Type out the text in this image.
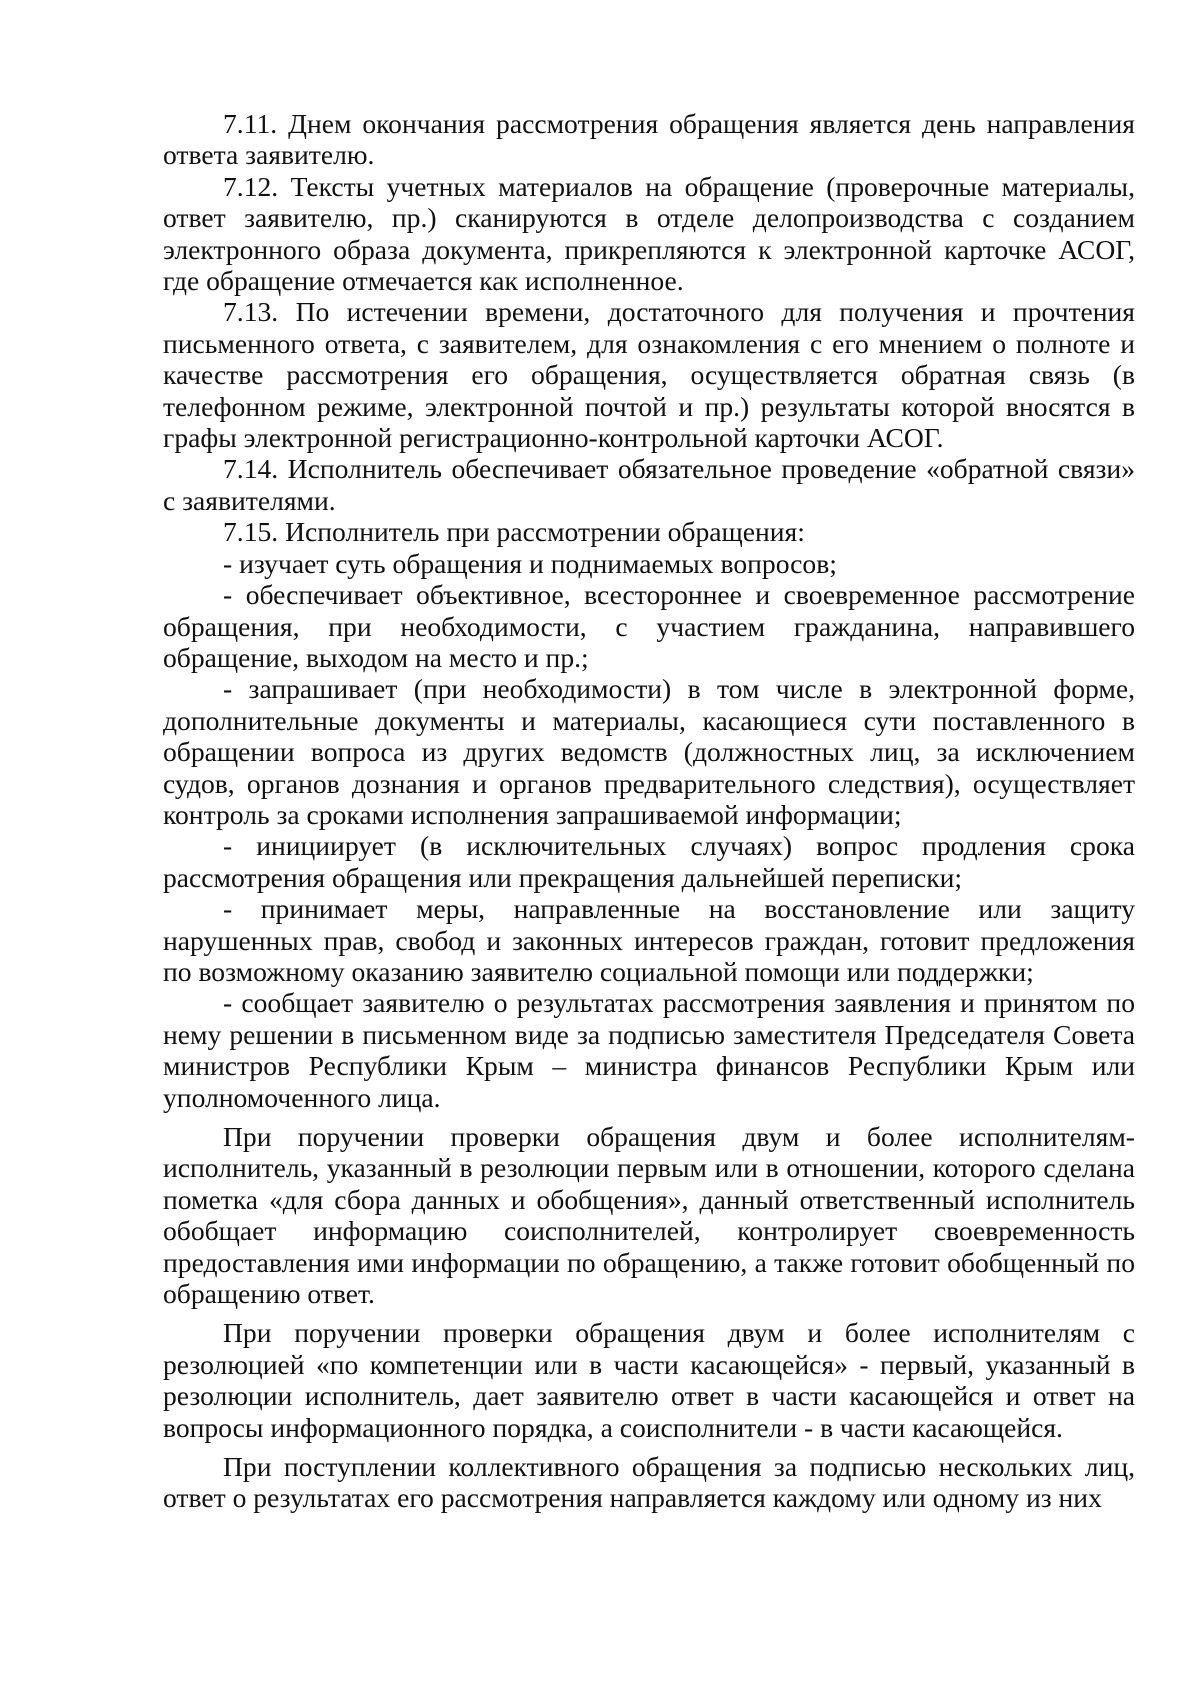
7.11. Днем окончания рассмотрения обращения является день направления ответа заявителю.

7.12. Тексты учетных материалов на обращение (проверочные материалы, ответ заявителю, пр.) сканируются в отделе делопроизводства с созданием электронного образа документа, прикрепляются к электронной карточке АСОГ, где обращение отмечается как исполненное.

7.13. По истечении времени, достаточного для получения и прочтения письменного ответа, с заявителем, для ознакомления с его мнением о полноте и качестве рассмотрения его обращения, осуществляется обратная связь (в телефонном режиме, электронной почтой и пр.) результаты которой вносятся в графы электронной регистрационно-контрольной карточки АСОГ.

7.14. Исполнитель обеспечивает обязательное проведение «обратной связи» с заявителями.

7.15. Исполнитель при рассмотрении обращения:

- изучает суть обращения и поднимаемых вопросов;

- обеспечивает объективное, всестороннее и своевременное рассмотрение обращения, при необходимости, с участием гражданина, направившего обращение, выходом на место и пр.;

- запрашивает (при необходимости) в том числе в электронной форме, дополнительные документы и материалы, касающиеся сути поставленного в обращении вопроса из других ведомств (должностных лиц, за исключением судов, органов дознания и органов предварительного следствия), осуществляет контроль за сроками исполнения запрашиваемой информации;

- инициирует (в исключительных случаях) вопрос продления срока рассмотрения обращения или прекращения дальнейшей переписки;

- принимает меры, направленные на восстановление или защиту нарушенных прав, свобод и законных интересов граждан, готовит предложения по возможному оказанию заявителю социальной помощи или поддержки;

- сообщает заявителю о результатах рассмотрения заявления и принятом по нему решении в письменном виде за подписью заместителя Председателя Совета министров Республики Крым – министра финансов Республики Крым или уполномоченного лица.

При поручении проверки обращения двум и более исполнителям-исполнитель, указанный в резолюции первым или в отношении, которого сделана пометка «для сбора данных и обобщения», данный ответственный исполнитель обобщает информацию соисполнителей, контролирует своевременность предоставления ими информации по обращению, а также готовит обобщенный по обращению ответ.

При поручении проверки обращения двум и более исполнителям с резолюцией «по компетенции или в части касающейся» - первый, указанный в резолюции исполнитель, дает заявителю ответ в части касающейся и ответ на вопросы информационного порядка, а соисполнители - в части касающейся.

При поступлении коллективного обращения за подписью нескольких лиц, ответ о результатах его рассмотрения направляется каждому или одному из них
